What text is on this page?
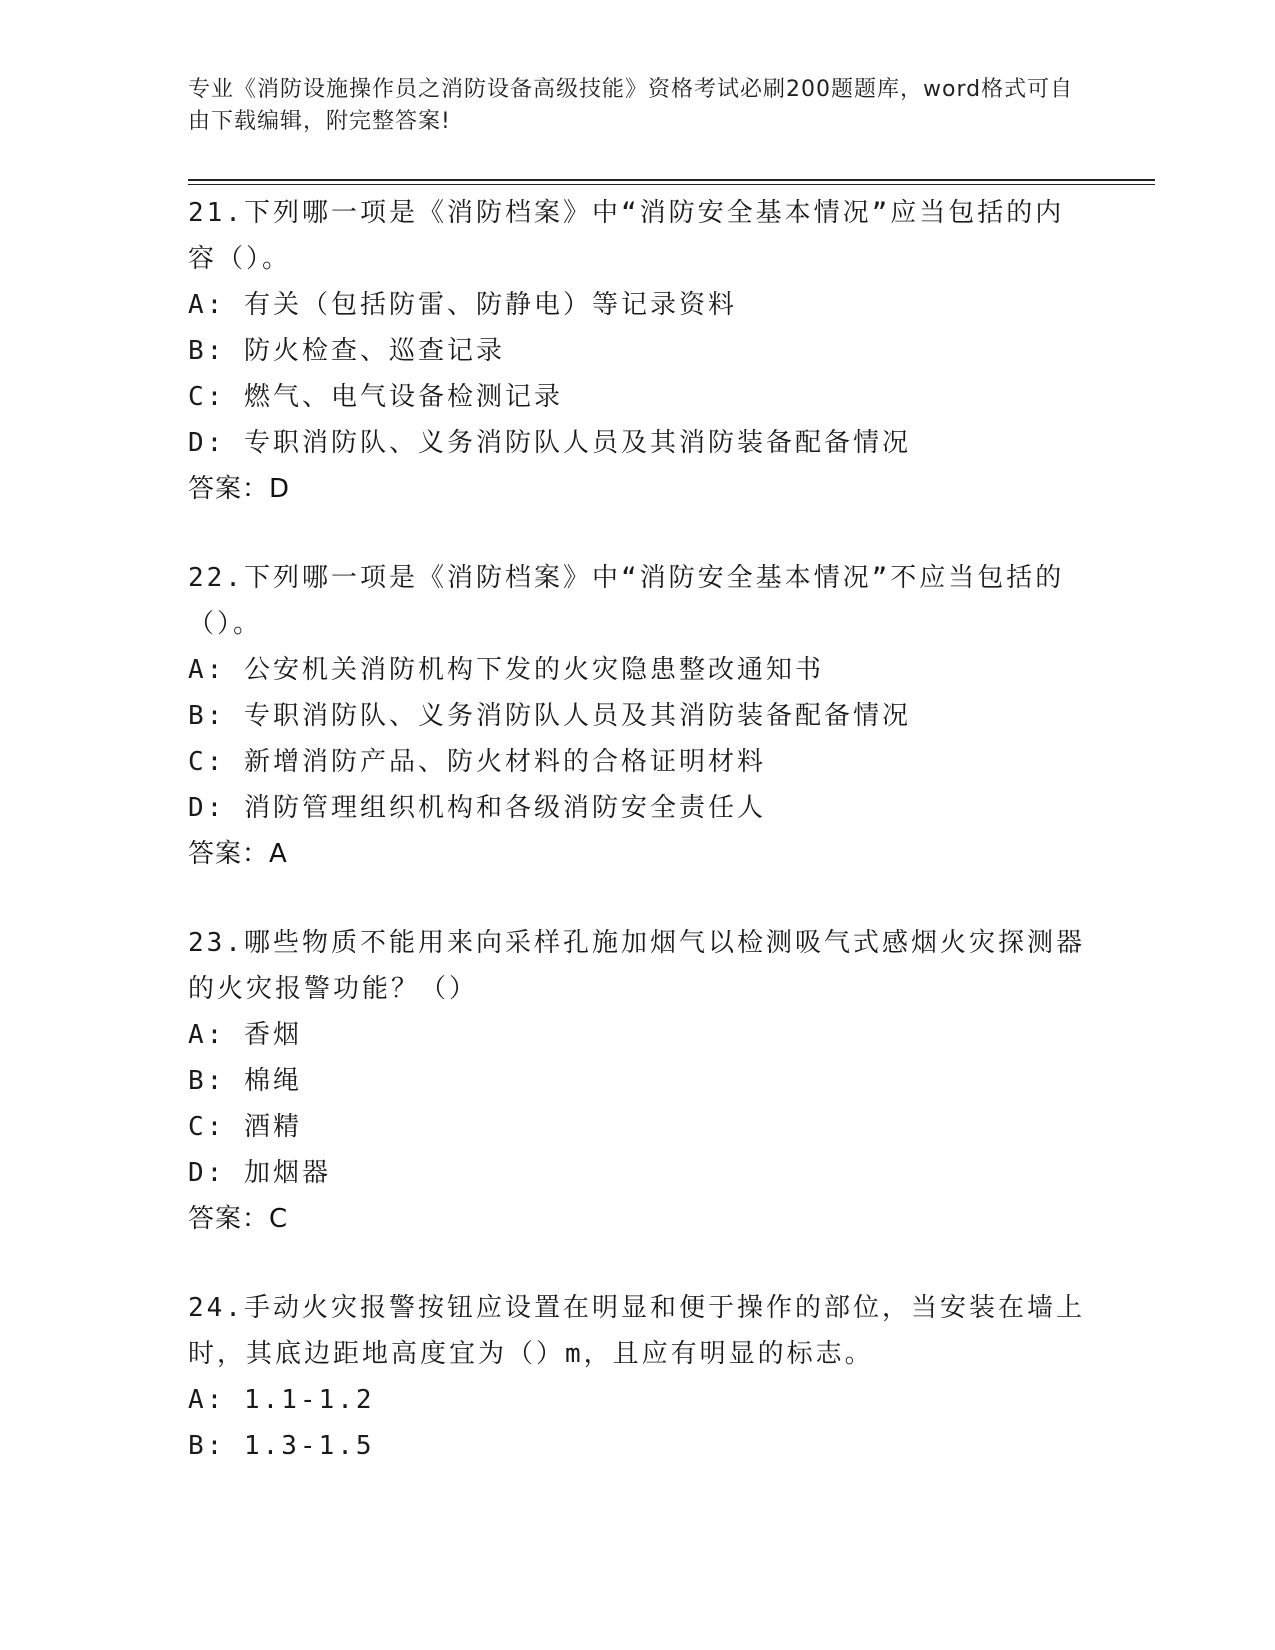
专业《消防设施操作员之消防设备高级技能》资格考试必刷200题题库，word格式可自由下载编辑，附完整答案!
21.下列哪一项是《消防档案》中“消防安全基本情况”应当包括的内容（）。
A: 有关（包括防雷、防静电）等记录资料
B: 防火检查、巡查记录
C: 燃气、电气设备检测记录
D: 专职消防队、义务消防队人员及其消防装备配备情况
答案：D
22.下列哪一项是《消防档案》中“消防安全基本情况”不应当包括的（）。
A: 公安机关消防机构下发的火灾隐患整改通知书
B: 专职消防队、义务消防队人员及其消防装备配备情况
C: 新增消防产品、防火材料的合格证明材料
D: 消防管理组织机构和各级消防安全责任人
答案：A
23.哪些物质不能用来向采样孔施加烟气以检测吸气式感烟火灾探测器的火灾报警功能？（）
A: 香烟
B: 棉绳
C: 酒精
D: 加烟器
答案：C
24.手动火灾报警按钮应设置在明显和便于操作的部位，当安装在墙上时，其底边距地高度宜为（）m，且应有明显的标志。
A: 1.1-1.2
B: 1.3-1.5
